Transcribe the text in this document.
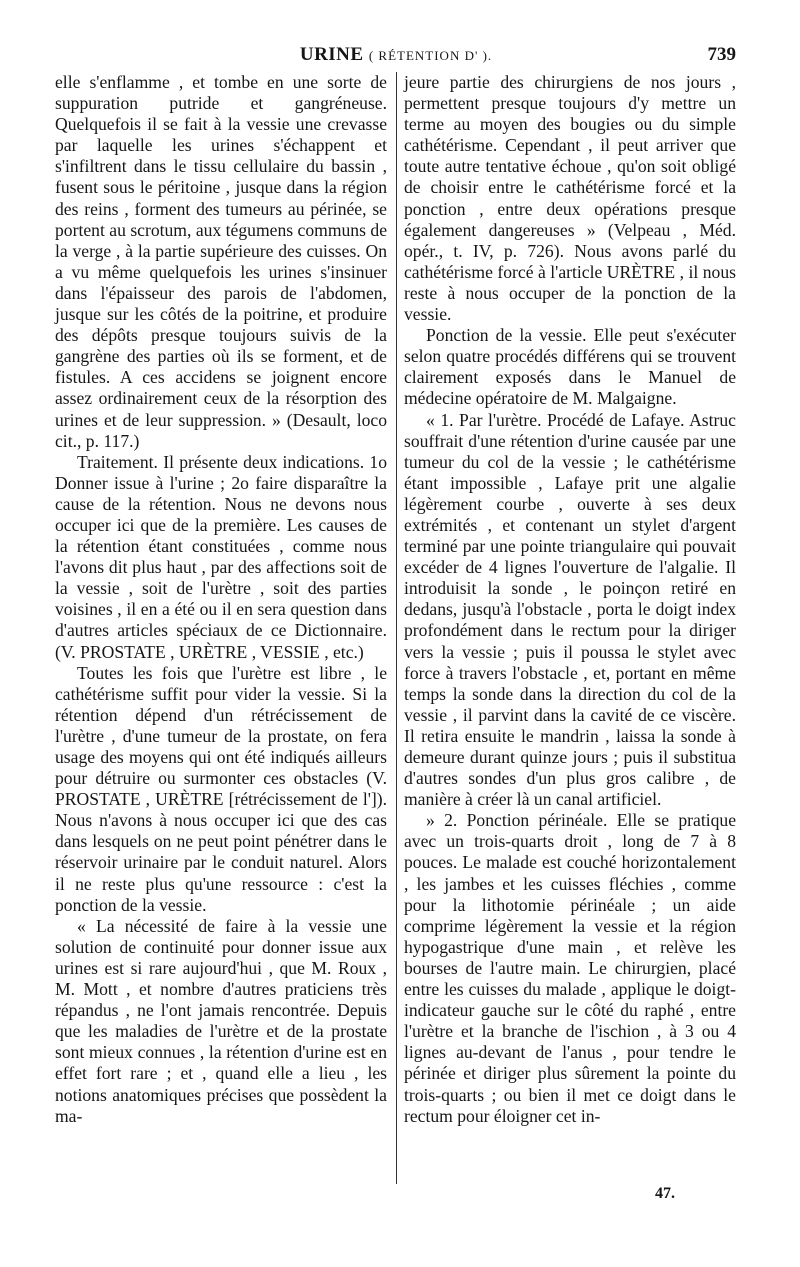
URINE ( RÉTENTION D' ).	739

elle s'enflamme , et tombe en une sorte de suppuration putride et gangréneuse. Quelquefois il se fait à la vessie une crevasse par laquelle les urines s'échappent et s'infiltrent dans le tissu cellulaire du bassin , fusent sous le péritoine , jusque dans la région des reins , forment des tumeurs au périnée, se portent au scrotum, aux tégumens communs de la verge , à la partie supérieure des cuisses. On a vu même quelquefois les urines s'insinuer dans l'épaisseur des parois de l'abdomen, jusque sur les côtés de la poitrine, et produire des dépôts presque toujours suivis de la gangrène des parties où ils se forment, et de fistules. A ces accidens se joignent encore assez ordinairement ceux de la résorption des urines et de leur suppression. » (Desault, loco cit., p. 117.)

Traitement. Il présente deux indications. 1o Donner issue à l'urine ; 2o faire disparaître la cause de la rétention. Nous ne devons nous occuper ici que de la première. Les causes de la rétention étant constituées , comme nous l'avons dit plus haut , par des affections soit de la vessie , soit de l'urètre , soit des parties voisines , il en a été ou il en sera question dans d'autres articles spéciaux de ce Dictionnaire. (V. PROSTATE , URÈTRE , VESSIE , etc.)

Toutes les fois que l'urètre est libre , le cathétérisme suffit pour vider la vessie. Si la rétention dépend d'un rétrécissement de l'urètre , d'une tumeur de la prostate, on fera usage des moyens qui ont été indiqués ailleurs pour détruire ou surmonter ces obstacles (V. PROSTATE , URÈTRE [rétrécissement de l']). Nous n'avons à nous occuper ici que des cas dans lesquels on ne peut point pénétrer dans le réservoir urinaire par le conduit naturel. Alors il ne reste plus qu'une ressource : c'est la ponction de la vessie.

« La nécessité de faire à la vessie une solution de continuité pour donner issue aux urines est si rare aujourd'hui , que M. Roux , M. Mott , et nombre d'autres praticiens très répandus , ne l'ont jamais rencontrée. Depuis que les maladies de l'urètre et de la prostate sont mieux connues , la rétention d'urine est en effet fort rare ; et , quand elle a lieu , les notions anatomiques précises que possèdent la ma-

jeure partie des chirurgiens de nos jours , permettent presque toujours d'y mettre un terme au moyen des bougies ou du simple cathétérisme. Cependant , il peut arriver que toute autre tentative échoue , qu'on soit obligé de choisir entre le cathétérisme forcé et la ponction , entre deux opérations presque également dangereuses » (Velpeau , Méd. opér., t. IV, p. 726). Nous avons parlé du cathétérisme forcé à l'article URÈTRE , il nous reste à nous occuper de la ponction de la vessie.

Ponction de la vessie. Elle peut s'exécuter selon quatre procédés différens qui se trouvent clairement exposés dans le Manuel de médecine opératoire de M. Malgaigne.

« 1. Par l'urètre. Procédé de Lafaye. Astruc souffrait d'une rétention d'urine causée par une tumeur du col de la vessie ; le cathétérisme étant impossible , Lafaye prit une algalie légèrement courbe , ouverte à ses deux extrémités , et contenant un stylet d'argent terminé par une pointe triangulaire qui pouvait excéder de 4 lignes l'ouverture de l'algalie. Il introduisit la sonde , le poinçon retiré en dedans, jusqu'à l'obstacle , porta le doigt index profondément dans le rectum pour la diriger vers la vessie ; puis il poussa le stylet avec force à travers l'obstacle , et, portant en même temps la sonde dans la direction du col de la vessie , il parvint dans la cavité de ce viscère. Il retira ensuite le mandrin , laissa la sonde à demeure durant quinze jours ; puis il substitua d'autres sondes d'un plus gros calibre , de manière à créer là un canal artificiel.

» 2. Ponction périnéale. Elle se pratique avec un trois-quarts droit , long de 7 à 8 pouces. Le malade est couché horizontalement , les jambes et les cuisses fléchies , comme pour la lithotomie périnéale ; un aide comprime légèrement la vessie et la région hypogastrique d'une main , et relève les bourses de l'autre main. Le chirurgien, placé entre les cuisses du malade , applique le doigt-indicateur gauche sur le côté du raphé , entre l'urètre et la branche de l'ischion , à 3 ou 4 lignes au-devant de l'anus , pour tendre le périnée et diriger plus sûrement la pointe du trois-quarts ; ou bien il met ce doigt dans le rectum pour éloigner cet in-

47.
